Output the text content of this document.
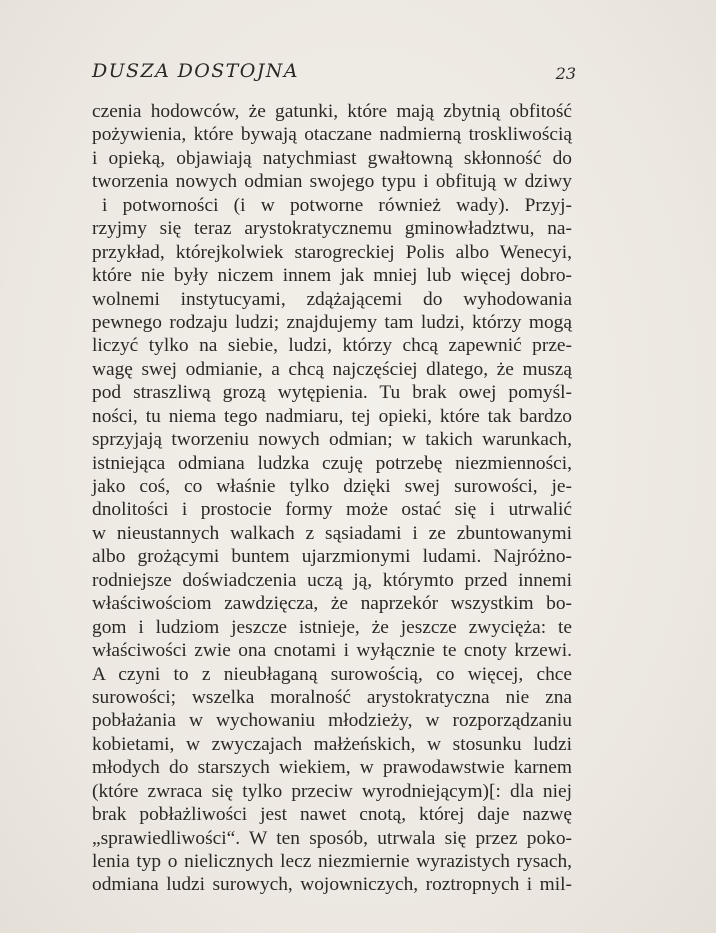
DUSZA DOSTOJNA	23
czenia hodowców, że gatunki, które mają zbytnią obfitość
pożywienia, które bywają otaczane nadmierną troskliwością
i opieką, objawiają natychmiast gwałtowną skłonność do
tworzenia nowych odmian swojego typu i obfitują w dziwy
i potworności (i w potworne również wady). Przyj-
rzyjmy się teraz arystokratycznemu gminowładztwu, na-
przykład, którejkolwiek starogreckiej Polis albo Wenecyi,
które nie były niczem innem jak mniej lub więcej dobro-
wolnemi instytucyami, zdążającemi do wyhodowania
pewnego rodzaju ludzi; znajdujemy tam ludzi, którzy mogą
liczyć tylko na siebie, ludzi, którzy chcą zapewnić prze-
wagę swej odmianie, a chcą najczęściej dlatego, że muszą
pod straszliwą grozą wytępienia. Tu brak owej pomyśl-
ności, tu niema tego nadmiaru, tej opieki, które tak bardzo
sprzyjają tworzeniu nowych odmian; w takich warunkach,
istniejąca odmiana ludzka czuję potrzebę niezmienności,
jako coś, co właśnie tylko dzięki swej surowości, je-
dnolitości i prostocie formy może ostać się i utrwalić
w nieustannych walkach z sąsiadami i ze zbuntowanymi
albo grożącymi buntem ujarzmionymi ludami. Najróżno-
rodniejsze doświadczenia uczą ją, którymto przed innemi
właściwościom zawdzięcza, że naprzekór wszystkim bo-
gom i ludziom jeszcze istnieje, że jeszcze zwycięża: te
właściwości zwie ona cnotami i wyłącznie te cnoty krzewi.
A czyni to z nieubłaganą surowością, co więcej, chce
surowości; wszelka moralność arystokratyczna nie zna
pobłażania w wychowaniu młodzieży, w rozporządzaniu
kobietami, w zwyczajach małżeńskich, w stosunku ludzi
młodych do starszych wiekiem, w prawodawstwie karnem
(które zwraca się tylko przeciw wyrodniejącym)[: dla niej
brak pobłażliwości jest nawet cnotą, której daje nazwę
„sprawiedliwości“. W ten sposób, utrwala się przez poko-
lenia typ o nielicznych lecz niezmiernie wyrazistych rysach,
odmiana ludzi surowych, wojowniczych, roztropnych i mil-
